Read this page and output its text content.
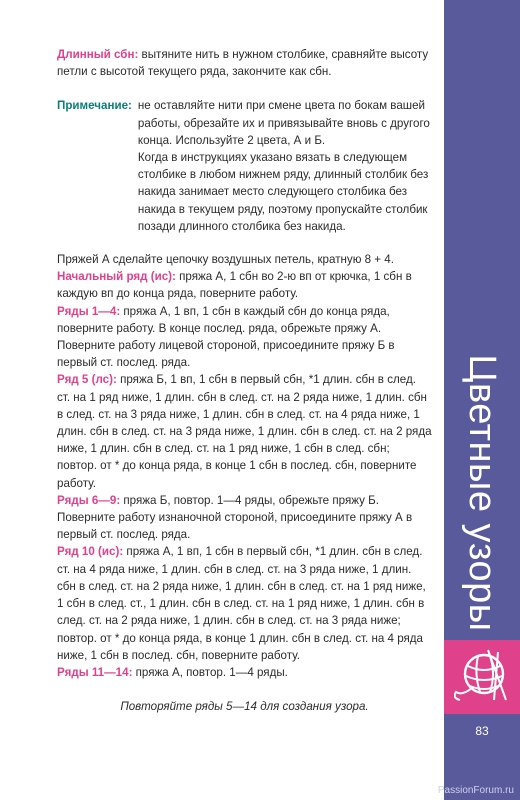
Длинный сбн: вытяните нить в нужном столбике, сравняйте высоту петли с высотой текущего ряда, закончите как сбн.

Примечание: не оставляйте нити при смене цвета по бокам вашей работы, обрезайте их и привязывайте вновь с другого конца. Используйте 2 цвета, А и Б.

Когда в инструкциях указано вязать в следующем столбике в любом нижнем ряду, длинный столбик без накида занимает место следующего столбика без накида в текущем ряду, поэтому пропускайте столбик позади длинного столбика без накида.

Пряжей А сделайте цепочку воздушных петель, кратную 8 + 4.

Начальный ряд (ис): пряжа А, 1 сбн во 2-ю вп от крючка, 1 сбн в каждую вп до конца ряда, поверните работу.

Ряды 1—4: пряжа А, 1 вп, 1 сбн в каждый сбн до конца ряда, поверните работу. В конце послед. ряда, обрежьте пряжу А. Поверните работу лицевой стороной, присоедините пряжу Б в первый ст. послед. ряда.

Ряд 5 (лс): пряжа Б, 1 вп, 1 сбн в первый сбн, *1 длин. сбн в след. ст. на 1 ряд ниже, 1 длин. сбн в след. ст. на 2 ряда ниже, 1 длин. сбн в след. ст. на 3 ряда ниже, 1 длин. сбн в след. ст. на 4 ряда ниже, 1 длин. сбн в след. ст. на 3 ряда ниже, 1 длин. сбн в след. ст. на 2 ряда ниже, 1 длин. сбн в след. ст. на 1 ряд ниже, 1 сбн в след. сбн; повтор. от * до конца ряда, в конце 1 сбн в послед. сбн, поверните работу.

Ряды 6—9: пряжа Б, повтор. 1—4 ряды, обрежьте пряжу Б. Поверните работу изнаночной стороной, присоедините пряжу А в первый ст. послед. ряда.

Ряд 10 (ис): пряжа А, 1 вп, 1 сбн в первый сбн, *1 длин. сбн в след. ст. на 4 ряда ниже, 1 длин. сбн в след. ст. на 3 ряда ниже, 1 длин. сбн в след. ст. на 2 ряда ниже, 1 длин. сбн в след. ст. на 1 ряд ниже, 1 сбн в след. ст., 1 длин. сбн в след. ст. на 1 ряд ниже, 1 длин. сбн в след. ст. на 2 ряда ниже, 1 длин. сбн в след. ст. на 3 ряда ниже; повтор. от * до конца ряда, в конце 1 длин. сбн в след. ст. на 4 ряда ниже, 1 сбн в послед. сбн, поверните работу.

Ряды 11—14: пряжа А, повтор. 1—4 ряды.

Повторяйте ряды 5—14 для создания узора.

Цветные узоры
83
PassionForum.ru
